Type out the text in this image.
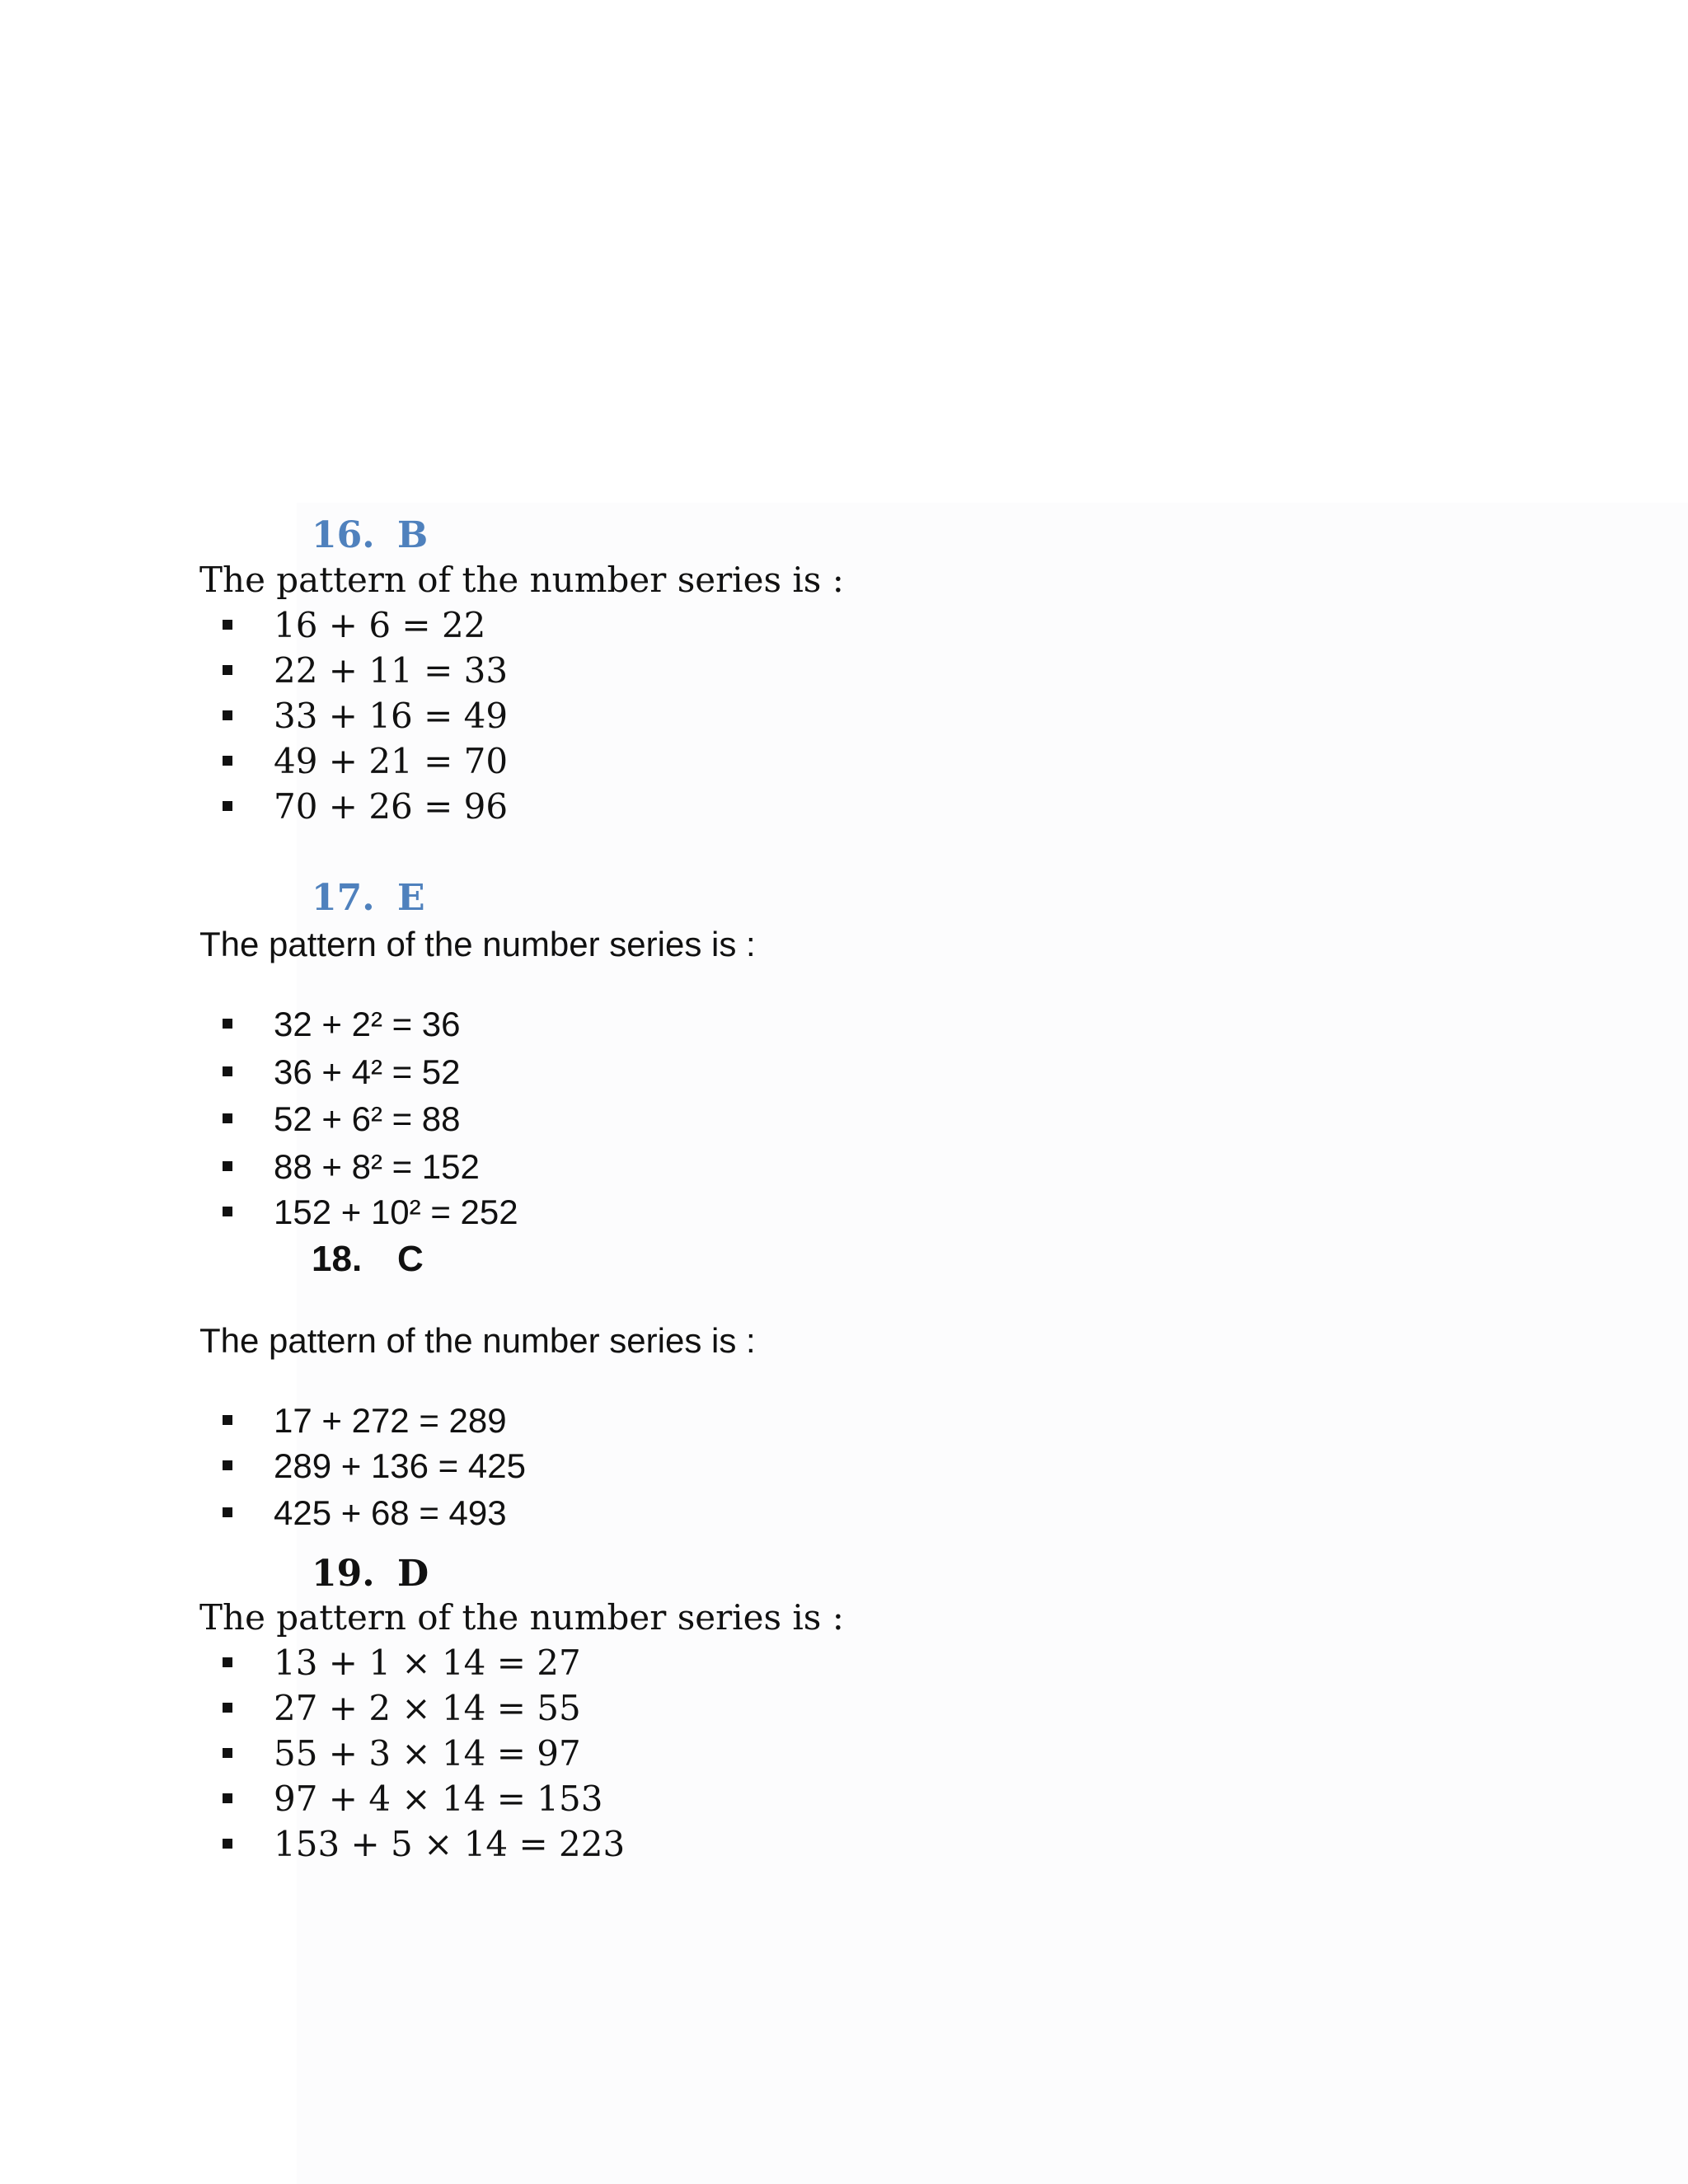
16. B
The pattern of the number series is :
16 + 6 = 22
22 + 11 = 33
33 + 16 = 49
49 + 21 = 70
70 + 26 = 96
17. E
The pattern of the number series is :
32 + 2² = 36
36 + 4² = 52
52 + 6² = 88
88 + 8² = 152
152 + 10² = 252
18. C
The pattern of the number series is :
17 + 272 = 289
289 + 136 = 425
425 + 68 = 493
19. D
The pattern of the number series is :
13 + 1 × 14 = 27
27 + 2 × 14 = 55
55 + 3 × 14 = 97
97 + 4 × 14 = 153
153 + 5 × 14 = 223
